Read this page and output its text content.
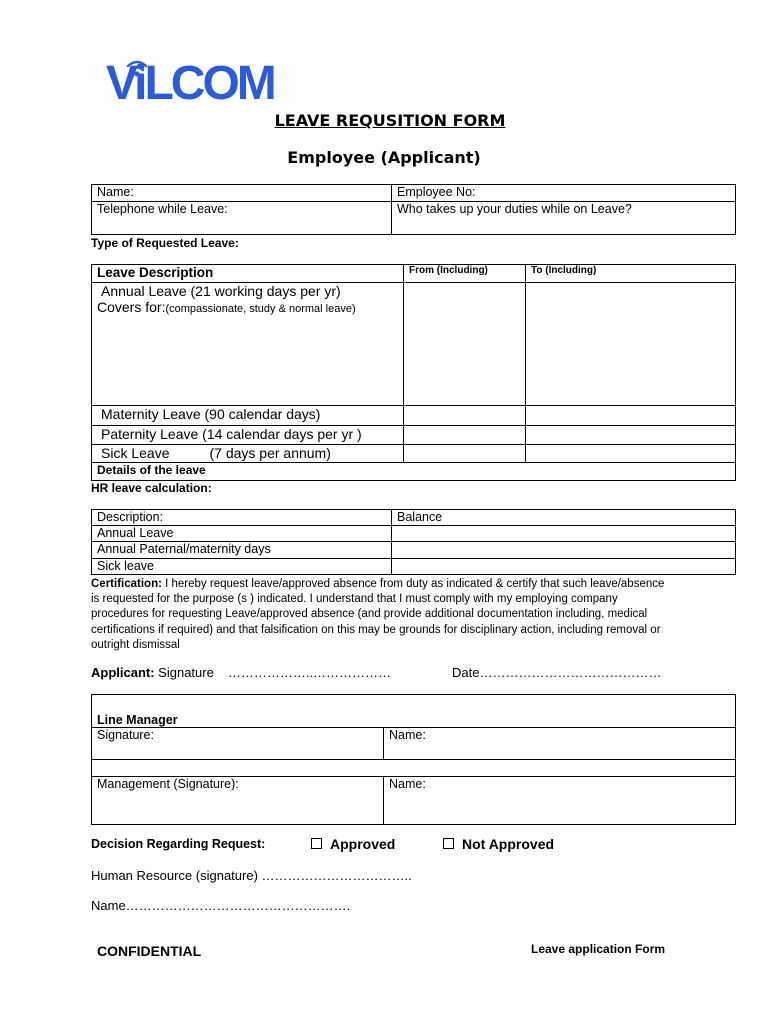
ViLCOM
LEAVE REQUSITION FORM
Employee (Applicant)
Name:	Employee No:
Telephone while Leave:	Who takes up your duties while on Leave?
Type of Requested Leave:
Leave Description	From (Including)	To (Including)

Annual Leave (21 working days per yr)
Covers for:(compassionate, study & normal leave)		

Maternity Leave (90 calendar days)		
Paternity Leave (14 calendar days per yr )		
Sick Leave (7 days per annum)		
Details of the leave		
HR leave calculation:
Description:	Balance
Annual Leave	
Annual Paternal/maternity days	
Sick leave	
Certification: I hereby request leave/approved absence from duty as indicated & certify that such leave/absence is requested for the purpose (s ) indicated. I understand that I must comply with my employing company procedures for requesting Leave/approved absence (and provide additional documentation including, medical certifications if required) and that falsification on this may be grounds for disciplinary action, including removal or outright dismissal
Applicant: Signature ………………..………………	Date……………………………………
Line Manager	
Signature:	Name:

Management (Signature):	Name:
Decision Regarding Request:	Approved	Not Approved
Human Resource (signature) ……………………………..
Name…………………………………………….
CONFIDENTIAL	Leave application Form
